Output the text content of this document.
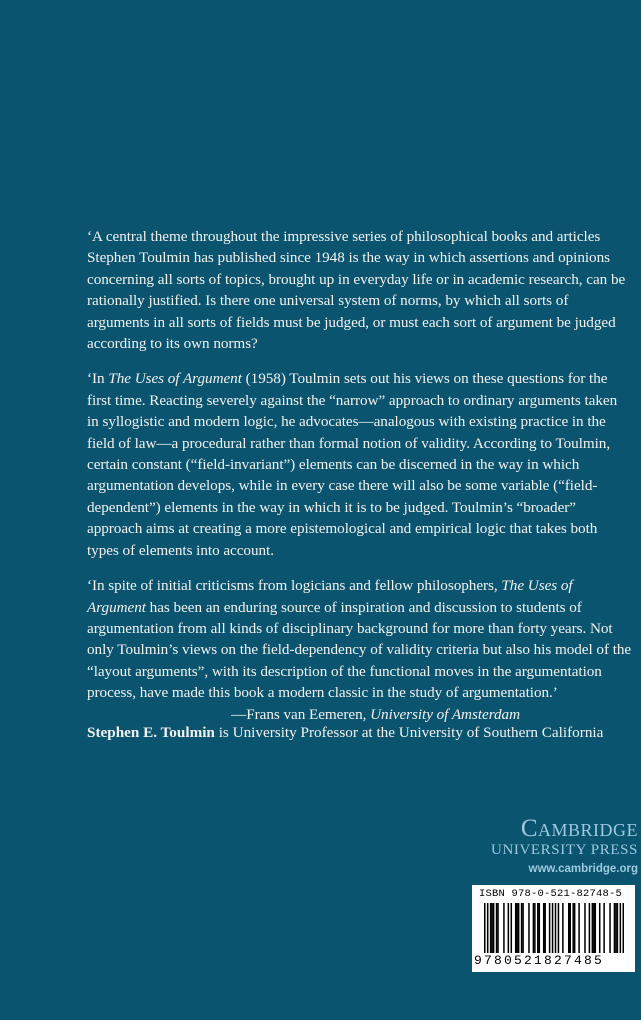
‘A central theme throughout the impressive series of philosophical books and articles Stephen Toulmin has published since 1948 is the way in which assertions and opinions concerning all sorts of topics, brought up in everyday life or in academic research, can be rationally justified. Is there one universal system of norms, by which all sorts of arguments in all sorts of fields must be judged, or must each sort of argument be judged according to its own norms?

‘In The Uses of Argument (1958) Toulmin sets out his views on these questions for the first time. Reacting severely against the “narrow” approach to ordinary arguments taken in syllogistic and modern logic, he advocates—analogous with existing practice in the field of law—a procedural rather than formal notion of validity. According to Toulmin, certain constant (“field-invariant”) elements can be discerned in the way in which argumentation develops, while in every case there will also be some variable (“field-dependent”) elements in the way in which it is to be judged. Toulmin’s “broader” approach aims at creating a more epistemological and empirical logic that takes both types of elements into account.

‘In spite of initial criticisms from logicians and fellow philosophers, The Uses of Argument has been an enduring source of inspiration and discussion to students of argumentation from all kinds of disciplinary background for more than forty years. Not only Toulmin’s views on the field-dependency of validity criteria but also his model of the “layout arguments”, with its description of the functional moves in the argumentation process, have made this book a modern classic in the study of argumentation.’
—Frans van Eemeren, University of Amsterdam

Stephen E. Toulmin is University Professor at the University of Southern California
Cambridge
UNIVERSITY PRESS
www.cambridge.org
ISBN 978-0-521-82748-5
9780521827485
